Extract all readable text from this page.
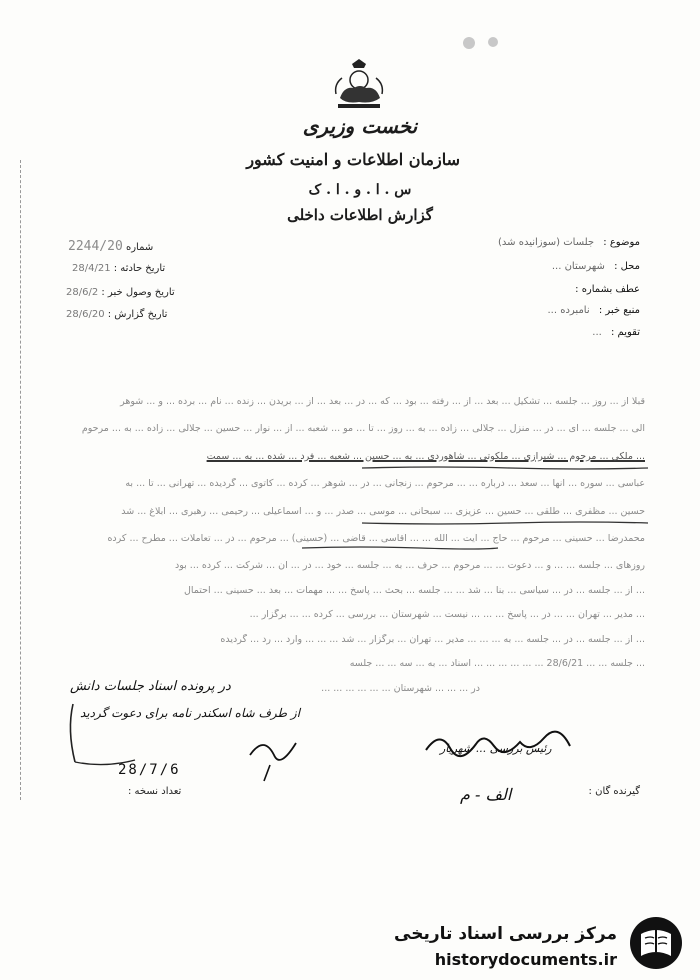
نخست وزیری
سازمان اطلاعات و امنیت کشور
س . ا . و . ا . ک
گزارش اطلاعات داخلی
موضوع : جلسات (سوزانیده شد)
محل : شهرستان ...
عطف بشماره :
منبع خبر : نامبرده ...
تقویم : ...
شماره 2244/20
تاریخ حادثه : 28/4/21
تاریخ وصول خبر : 28/6/2
تاریخ گزارش : 28/6/20
قبلا از ... روز ... جلسه ... تشکیل ... بعد ... از ... رفته ... بود ... که ... در ... بعد ... از ... بریدن ... زنده ... نام ... برده ... و ... شوهر
الی ... جلسه ... ای ... در ... منزل ... جلالی ... زاده ... به ... روز ... تا ... مو ... شعبه ... از ... نوار ... حسین ... جلالی ... زاده ... به ... مرحوم
... ملکی ... مرحوم ... شیرازی ... ملکوتی ... شاهوردی ... به ... حسین ... شعبه ... فرد ... شده ... به ... سمت
عباسی ... سوره ... آنها ... سعد ... درباره ... ... مرحوم ... زنجانی ... در ... شوهر ... کرده ... کاتوی ... گردیده ... تهرانی ... تا ... به
حسین ... مظفری ... طلقی ... حسین ... عزیزی ... سبحانی ... موسی ... صدر ... و ... اسماعیلی ... رحیمی ... رهبری ... ابلاغ ... شد
محمدرضا ... حسینی ... مرحوم ... حاج ... آیت ... الله ... ... آقاسی ... قاضی ... (حسینی) ... مرحوم ... در ... تعاملات ... مطرح ... کرده
روزهای ... جلسه ... ... و ... دعوت ... ... مرحوم ... حرف ... به ... جلسه ... خود ... در ... آن ... شرکت ... کرده ... بود
... از ... جلسه ... در ... سیاسی ... بنا ... شد ... ... جلسه ... بحث ... پاسخ ... ... مهمات ... بعد ... حسینی ... احتمال
... مدیر ... تهران ... ... در ... پاسخ ... ... ... نیست ... شهرستان ... بررسی ... کرده ... ... برگزار ...
... از ... جلسه ... در ... جلسه ... به ... ... ... مدیر ... تهران ... برگزار ... شد ... ... ... وارد ... رد ... گردیده
... جلسه ... ... 28/6/21 ... ... ... ... ... ... اسناد ... به ... سه ... ... جلسه
در ... ... ... شهرستان ... ... ... ... ... ...
در پرونده اسناد جلسات دانش
از طرف شاه اسکندر نامه برای دعوت گردید
رئیس بررسی ... شهریار
28/7/6
الف - م
تعداد نسخه :	گیرنده گان :
مرکز بررسی اسناد تاریخی
historydocuments.ir
